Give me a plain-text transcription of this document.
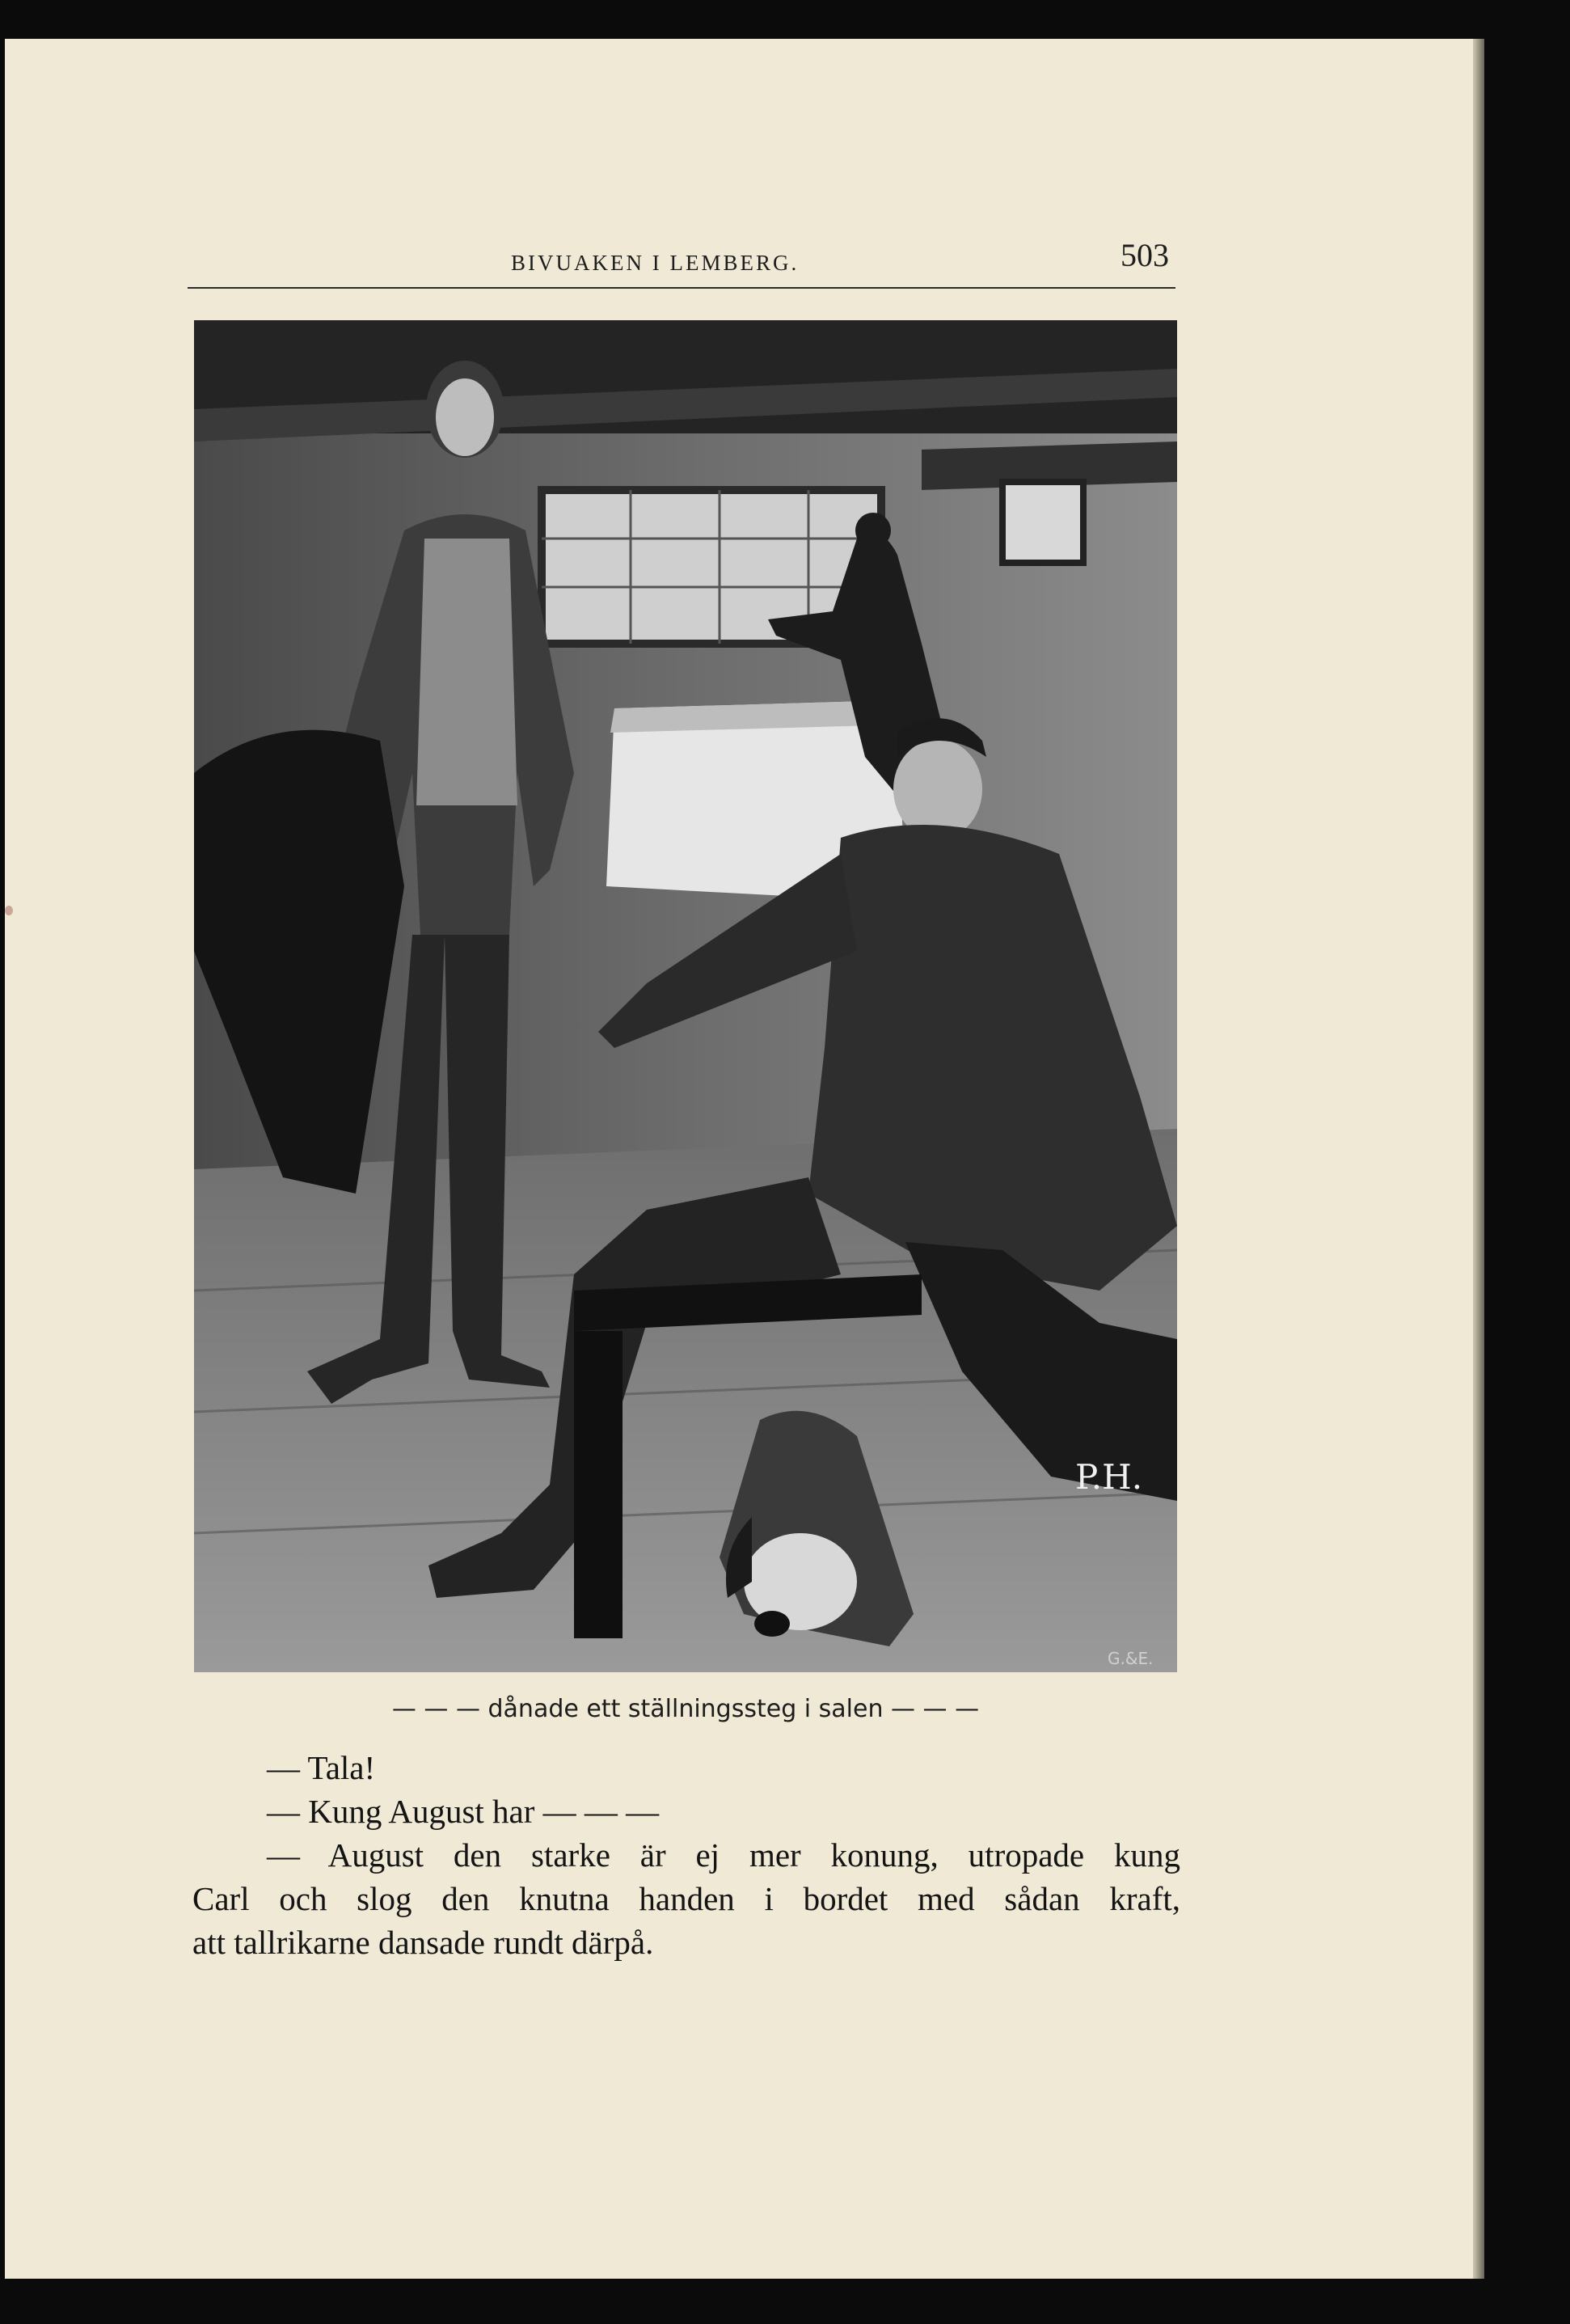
BIVUAKEN I LEMBERG.	503
P.H.
G.&E.
— — — dånade ett ställningssteg i salen — — —
— Tala!
— Kung August har — — —
— August den starke är ej mer konung, utropade kung
Carl och slog den knutna handen i bordet med sådan kraft,
att tallrikarne dansade rundt därpå.
